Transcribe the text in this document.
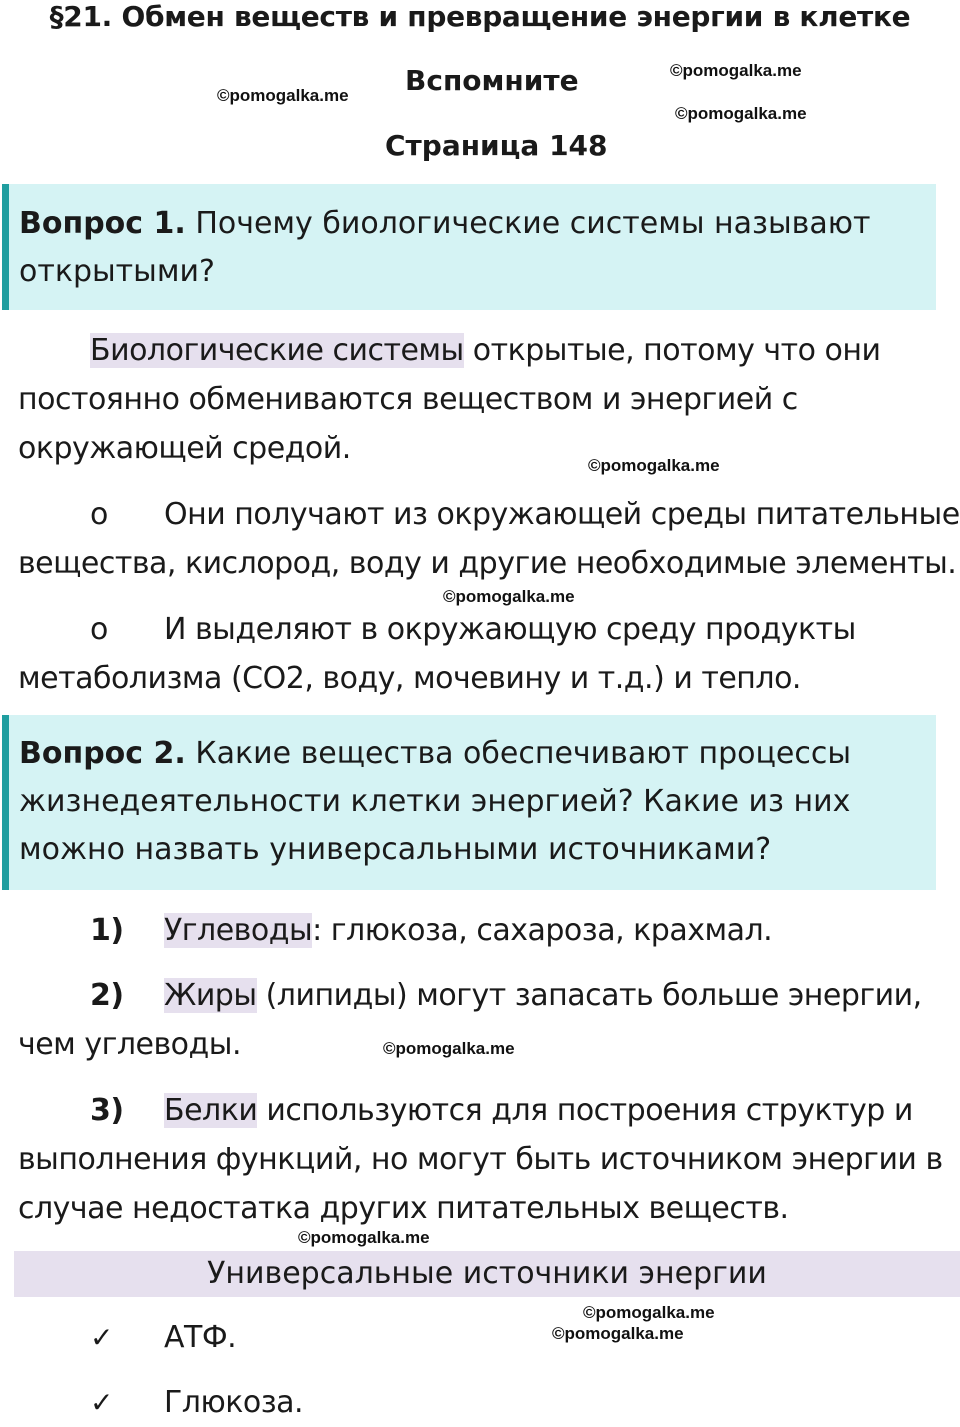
§21. Обмен веществ и превращение энергии в клетке
Вспомните
Страница 148
©pomogalka.me
©pomogalka.me
©pomogalka.me
Вопрос 1. Почему биологические системы называют открытыми?
Биологические системы открытые, потому что они постоянно обмениваются веществом и энергией с окружающей средой.	©pomogalka.me
o Они получают из окружающей среды питательные вещества, кислород, воду и другие необходимые элементы.
©pomogalka.me
o И выделяют в окружающую среду продукты метаболизма (CO2, воду, мочевину и т.д.) и тепло.
Вопрос 2. Какие вещества обеспечивают процессы жизнедеятельности клетки энергией? Какие из них можно назвать универсальными источниками?
1) Углеводы: глюкоза, сахароза, крахмал.
2) Жиры (липиды) могут запасать больше энергии, чем углеводы.	©pomogalka.me
3) Белки используются для построения структур и выполнения функций, но могут быть источником энергии в случае недостатка других питательных веществ.
©pomogalka.me
Универсальные источники энергии
©pomogalka.me
©pomogalka.me
✓ АТФ.
✓ Глюкоза.
